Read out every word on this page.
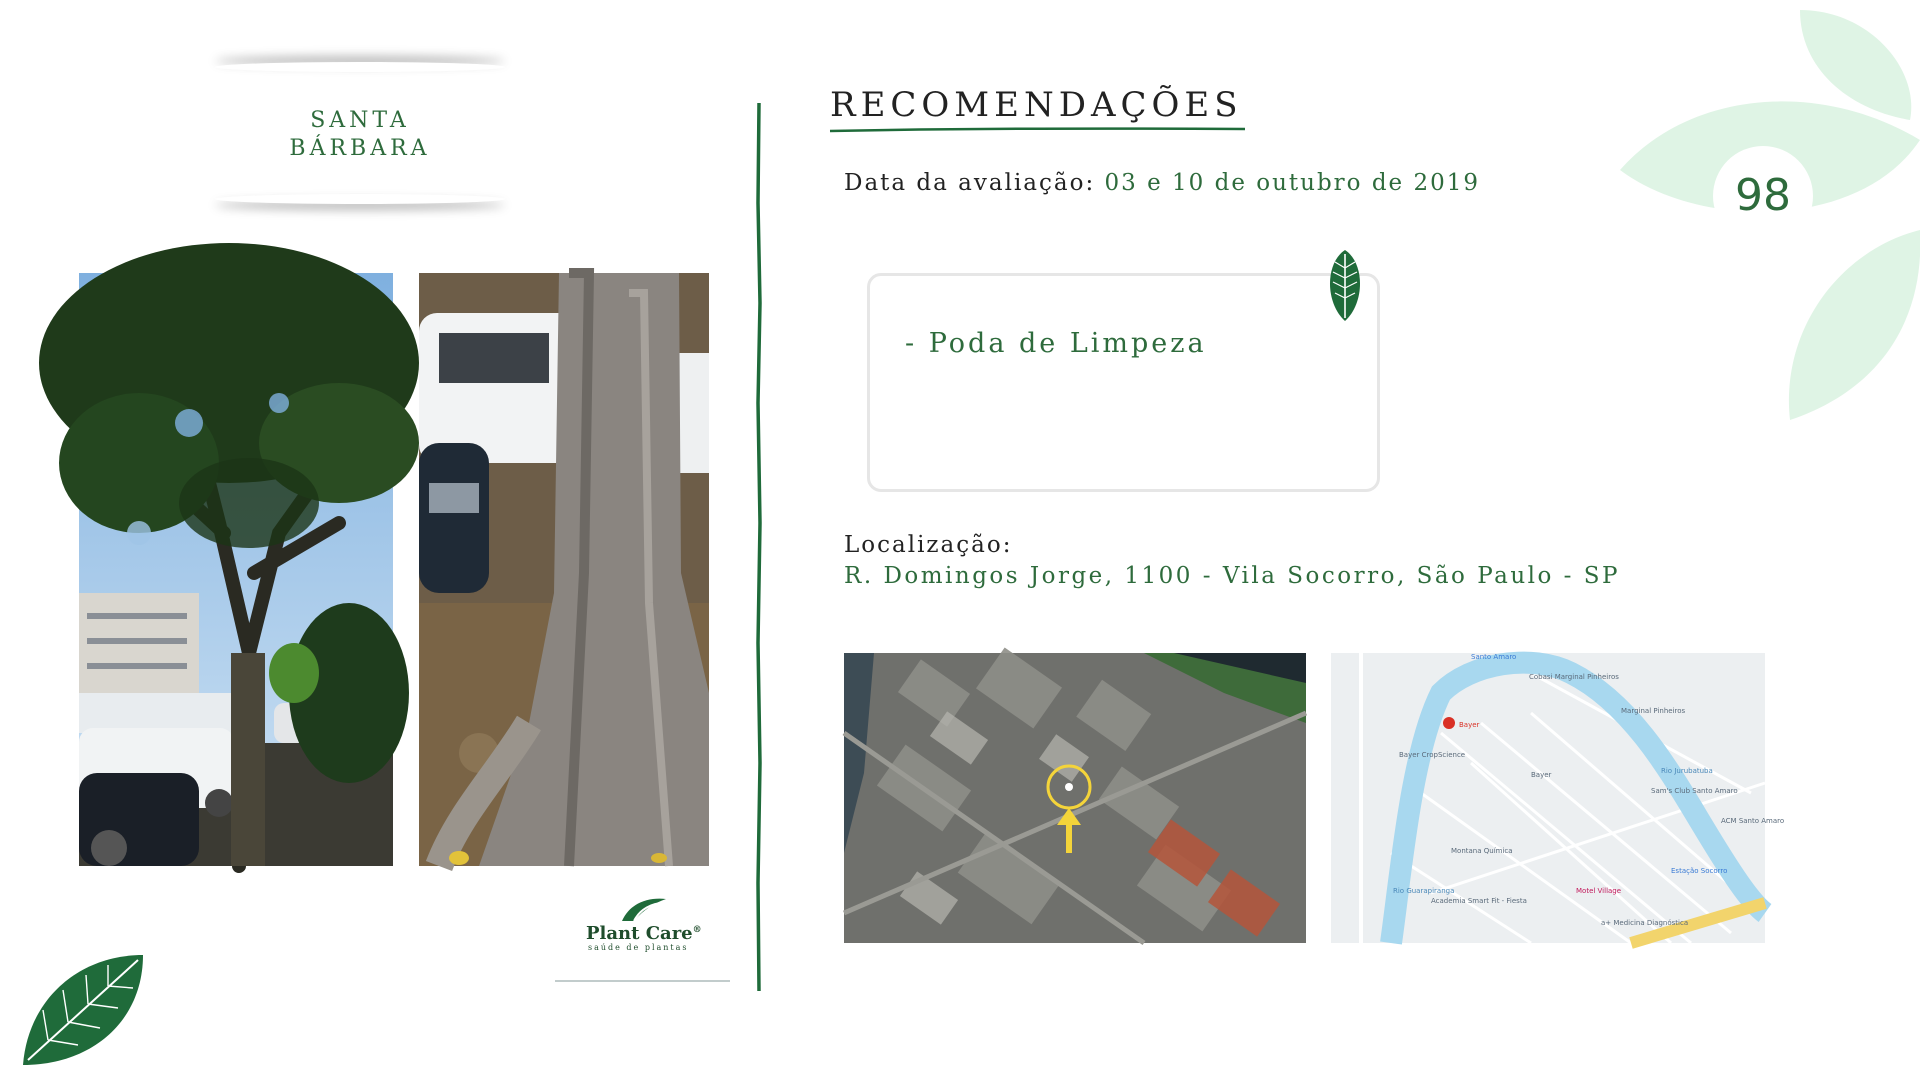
SANTA
BÁRBARA
Plant Care®
saúde de plantas
RECOMENDAÇÕES
Data da avaliação: 03 e 10 de outubro de 2019
- Poda de Limpeza
Localização:
R. Domingos Jorge, 1100 - Vila Socorro, São Paulo - SP
Bayer
Santo Amaro
Cobasi Marginal Pinheiros
Bayer CropScience
Bayer
Marginal Pinheiros
Sam's Club Santo Amaro
ACM Santo Amaro
Montana Química
Motel Village
Estação Socorro
Academia Smart Fit - Fiesta
a+ Medicina Diagnóstica
Rio Jurubatuba
Rio Guarapiranga
98
